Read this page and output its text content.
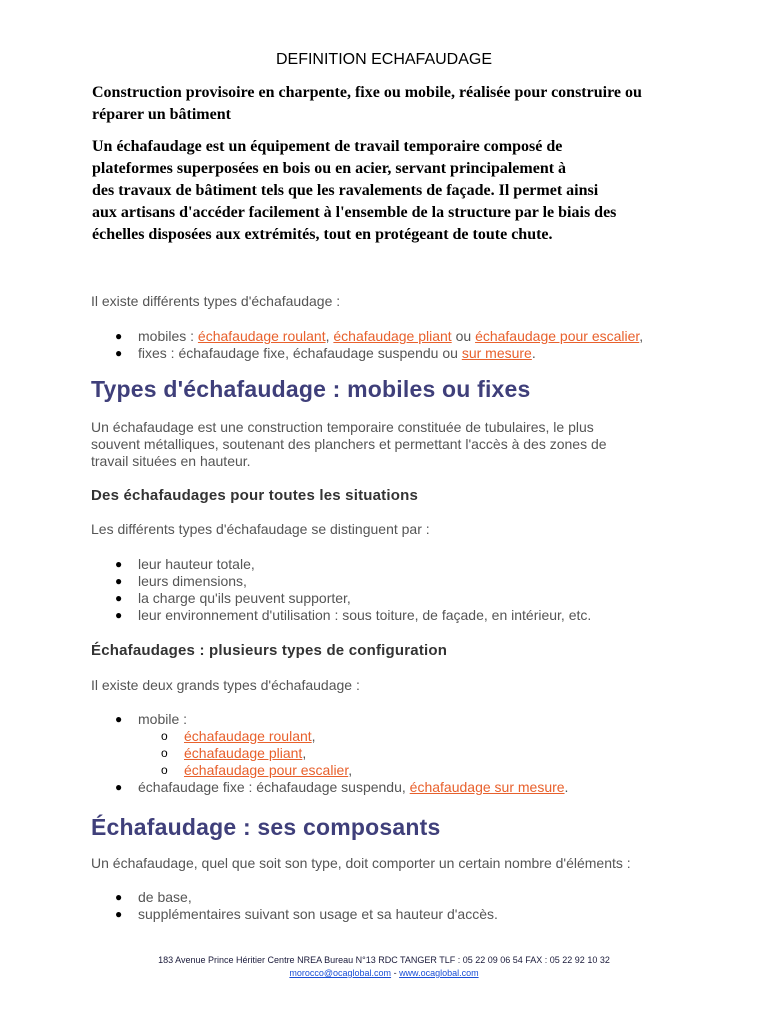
DEFINITION ECHAFAUDAGE
Construction provisoire en charpente, fixe ou mobile, réalisée pour construire ou réparer un bâtiment
Un échafaudage est un équipement de travail temporaire composé de
plateformes superposées en bois ou en acier, servant principalement à
des travaux de bâtiment tels que les ravalements de façade. Il permet ainsi
aux artisans d'accéder facilement à l'ensemble de la structure par le biais des
échelles disposées aux extrémités, tout en protégeant de toute chute.
Il existe différents types d'échafaudage :
● mobiles : échafaudage roulant, échafaudage pliant ou échafaudage pour escalier,
● fixes : échafaudage fixe, échafaudage suspendu ou sur mesure.
Types d'échafaudage : mobiles ou fixes
Un échafaudage est une construction temporaire constituée de tubulaires, le plus
souvent métalliques, soutenant des planchers et permettant l'accès à des zones de
travail situées en hauteur.
Des échafaudages pour toutes les situations
Les différents types d'échafaudage se distinguent par :
● leur hauteur totale,
● leurs dimensions,
● la charge qu'ils peuvent supporter,
● leur environnement d'utilisation : sous toiture, de façade, en intérieur, etc.
Échafaudages : plusieurs types de configuration
Il existe deux grands types d'échafaudage :
● mobile :
o échafaudage roulant,
o échafaudage pliant,
o échafaudage pour escalier,
● échafaudage fixe : échafaudage suspendu, échafaudage sur mesure.
Échafaudage : ses composants
Un échafaudage, quel que soit son type, doit comporter un certain nombre d'éléments :
● de base,
● supplémentaires suivant son usage et sa hauteur d'accès.
183 Avenue Prince Héritier Centre NREA Bureau N°13 RDC TANGER TLF : 05 22 09 06 54 FAX : 05 22 92 10 32
morocco@ocaglobal.com - www.ocaglobal.com
